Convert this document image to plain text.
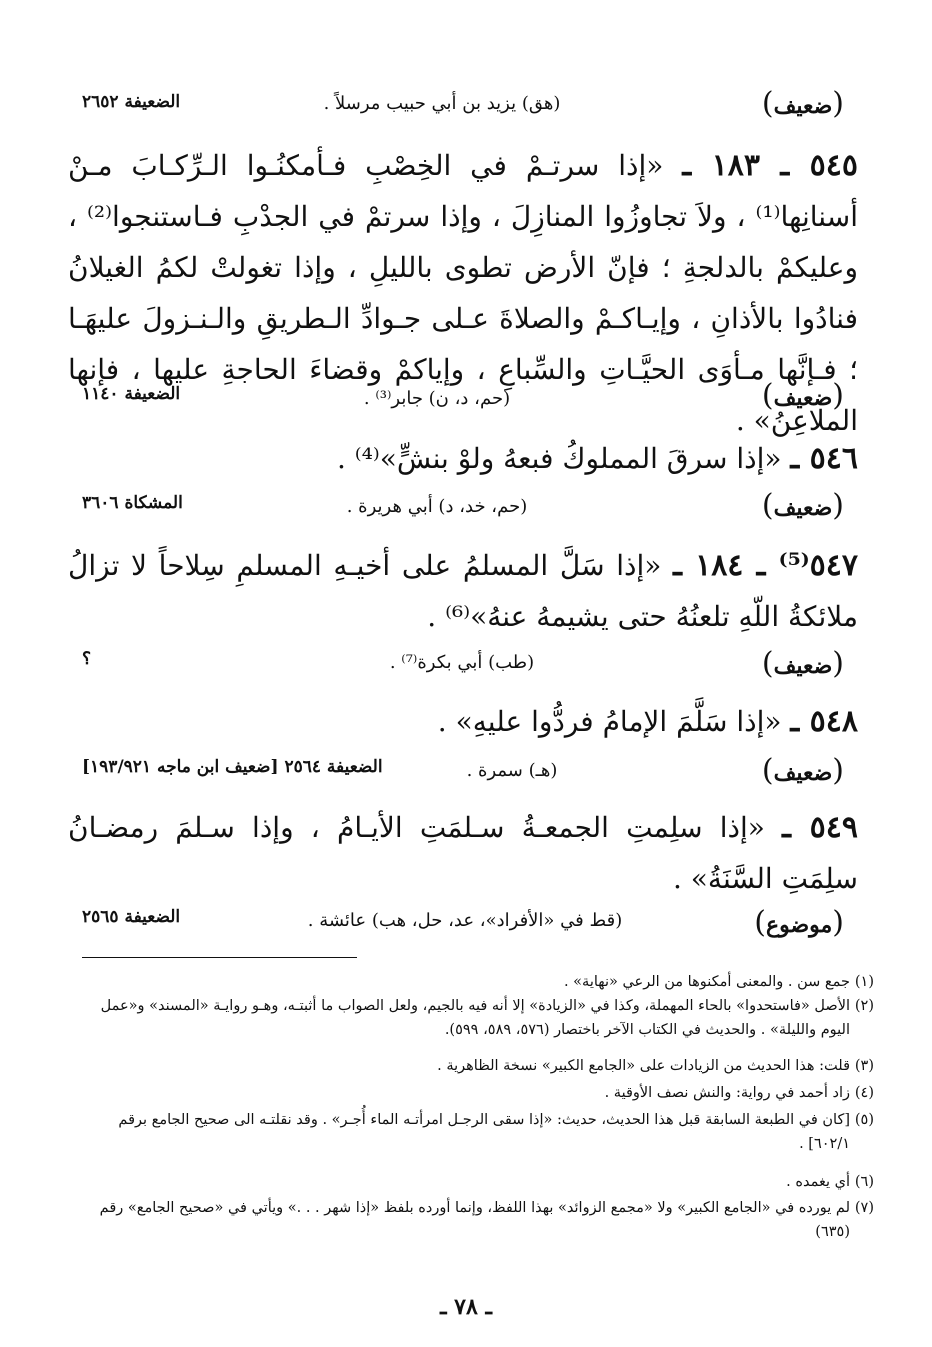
(ضعيف)
(هق) يزيد بن أبي حبيب مرسلاً .
الضعيفة ٢٦٥٢
٥٤٥ ـ ١٨٣ ـ «إذا سرتـمْ في الخِصْبِ فـأمكنُـوا الـرِّكـابَ مـنْ أسنانِها⁽¹⁾ ، ولاَ تجاوزُوا المنازِلَ ، وإذا سرتمْ في الجدْبِ فـاستنجوا⁽²⁾ ، وعليكمْ بالدلجةِ ؛ فإنّ الأرض تطوى بالليلِ ، وإذا تغولتْ لكمُ الغيلانُ فنادُوا بالأذانِ ، وإيـاكـمْ والصلاةَ عـلى جـوادِّ الـطريقِ والـنـزولَ عليهَـا ؛ فـإنَّها مـأوَى الحيَّـاتِ والسِّباعِ ، وإياكمْ وقضاءَ الحاجةِ عليها ، فإنها الملاعِنُ» .
(ضعيف)
(حم، د، ن) جابر⁽³⁾ .
الضعيفة ١١٤٠
٥٤٦ ـ «إذا سرقَ المملوكُ فبعهُ ولوْ بنشٍّ»⁽⁴⁾ .
(ضعيف)
(حم، خد، د) أبي هريرة .
المشكاة ٣٦٠٦
٥٤٧⁽⁵⁾ ـ ١٨٤ ـ «إذا سَلَّ المسلمُ على أخيـهِ المسلمِ سِلاحاً لا تزالُ ملائكةُ اللّهِ تلعنُهُ حتى يشيمهُ عنهُ»⁽⁶⁾ .
(ضعيف)
(طب) أبي بكرة⁽⁷⁾ .
؟
٥٤٨ ـ «إذا سَلَّمَ الإمامُ فردُّوا عليهِ» .
(ضعيف)
(هـ) سمرة .
الضعيفة ٢٥٦٤ [ضعيف ابن ماجه ١٩٣/٩٢١]
٥٤٩ ـ «إذا سلِمتِ الجمعـةُ سـلمَتِ الأيـامُ ، وإذا سـلمَ رمضـانُ سلِمَتِ السَّنَةُ» .
(موضوع)
(قط في «الأفراد»، عد، حل، هب) عائشة .
الضعيفة ٢٥٦٥
(١)
جمع سن . والمعنى أمكنوها من الرعي «نهاية» .
(٢)
الأصل «فاستحدوا» بالحاء المهملة، وكذا في «الزيادة» إلا أنه فيه بالجيم، ولعل الصواب ما أثبتـه، وهـو روايـة «المسند» و«عمل اليوم والليلة» . والحديث في الكتاب الآخر باختصار (٥٧٦، ٥٨٩، ٥٩٩).
(٣)
قلت: هذا الحديث من الزيادات على «الجامع الكبير» نسخة الظاهرية .
(٤)
زاد أحمد في رواية: والنش نصف الأوقية .
(٥)
[كان في الطبعة السابقة قبل هذا الحديث، حديث: «إذا سقى الرجـل امرأتـه الماء أُجـر» . وقد نقلتـه الى صحيح الجامع برقم ٦٠٢/١] .
(٦)
أي يغمده .
(٧)
لم يورده في «الجامع الكبير» ولا «مجمع الزوائد» بهذا اللفظ، وإنما أورده بلفظ «إذا شهر . . .» ويأتي في «صحيح الجامع» رقم (٦٣٥)
ـ ٧٨ ـ
